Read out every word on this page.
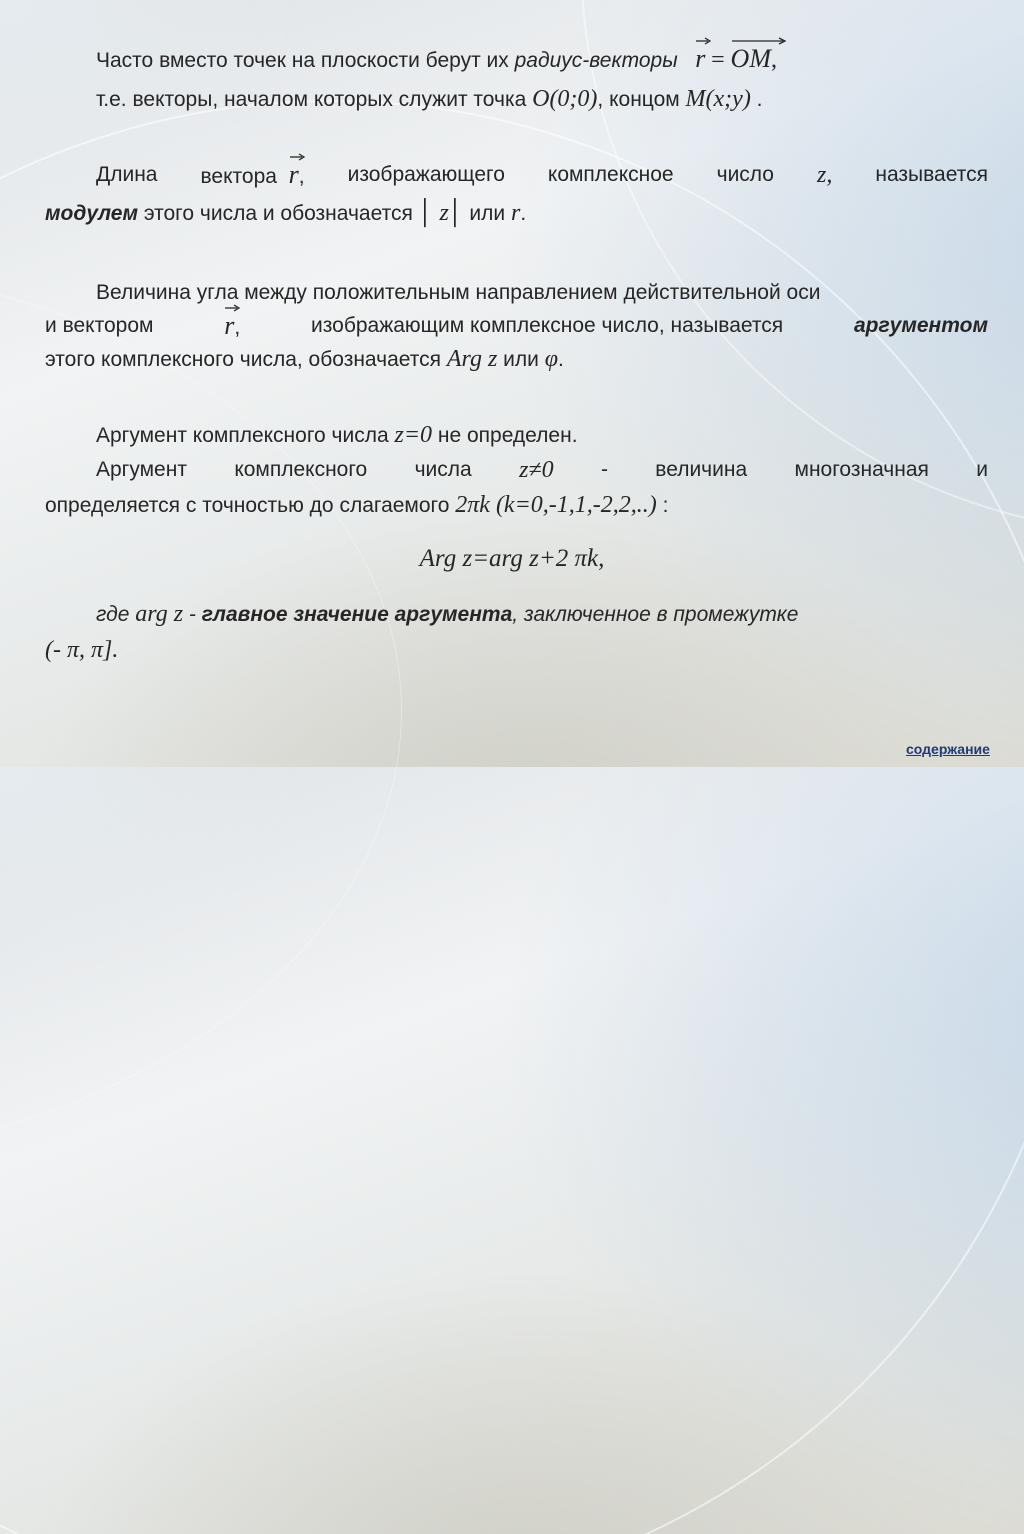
Часто вместо точек на плоскости берут их радиус-векторы r = OM,
т.е. векторы, началом которых служит точка O(0;0), концом M(x;y) .
Длина вектора r, изображающего комплексное число z, называется
модулем этого числа и обозначается │ z│ или r.
Величина угла между положительным направлением действительной оси
и вектором	r,	изображающим комплексное число, называется	аргументом
этого комплексного числа, обозначается Arg z или φ.
Аргумент комплексного числа z=0 не определен.
Аргумент комплексного числа z≠0 - величина многозначная и
определяется с точностью до слагаемого 2πk (k=0,-1,1,-2,2,..) :
Arg z=arg z+2 πk,
где arg z - главное значение аргумента, заключенное в промежутке
(- π, π].
содержание
